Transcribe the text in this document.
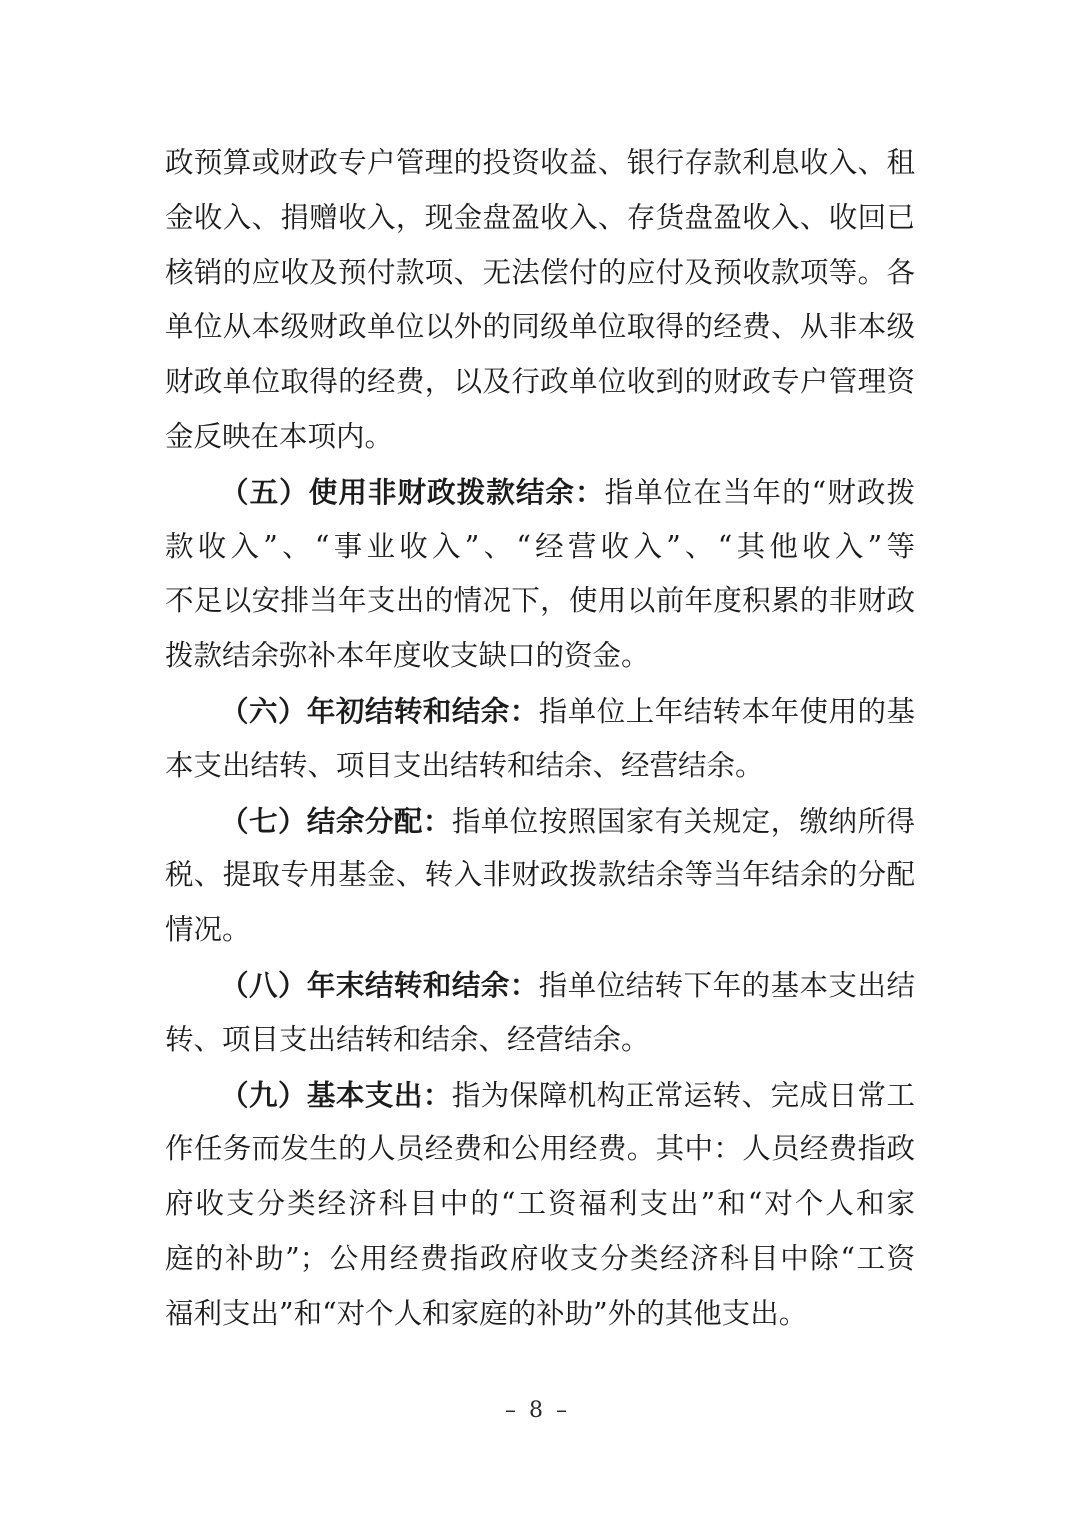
政预算或财政专户管理的投资收益、银行存款利息收入、租
金收入、捐赠收入，现金盘盈收入、存货盘盈收入、收回已
核销的应收及预付款项、无法偿付的应付及预收款项等。各
单位从本级财政单位以外的同级单位取得的经费、从非本级
财政单位取得的经费，以及行政单位收到的财政专户管理资
金反映在本项内。
（五）使用非财政拨款结余：指单位在当年的“财政拨
款收入”、“事业收入”、“经营收入”、“其他收入”等
不足以安排当年支出的情况下，使用以前年度积累的非财政
拨款结余弥补本年度收支缺口的资金。
（六）年初结转和结余：指单位上年结转本年使用的基
本支出结转、项目支出结转和结余、经营结余。
（七）结余分配：指单位按照国家有关规定，缴纳所得
税、提取专用基金、转入非财政拨款结余等当年结余的分配
情况。
（八）年末结转和结余：指单位结转下年的基本支出结
转、项目支出结转和结余、经营结余。
（九）基本支出：指为保障机构正常运转、完成日常工
作任务而发生的人员经费和公用经费。其中：人员经费指政
府收支分类经济科目中的“工资福利支出”和“对个人和家
庭的补助”；公用经费指政府收支分类经济科目中除“工资
福利支出”和“对个人和家庭的补助”外的其他支出。
– 8 –
